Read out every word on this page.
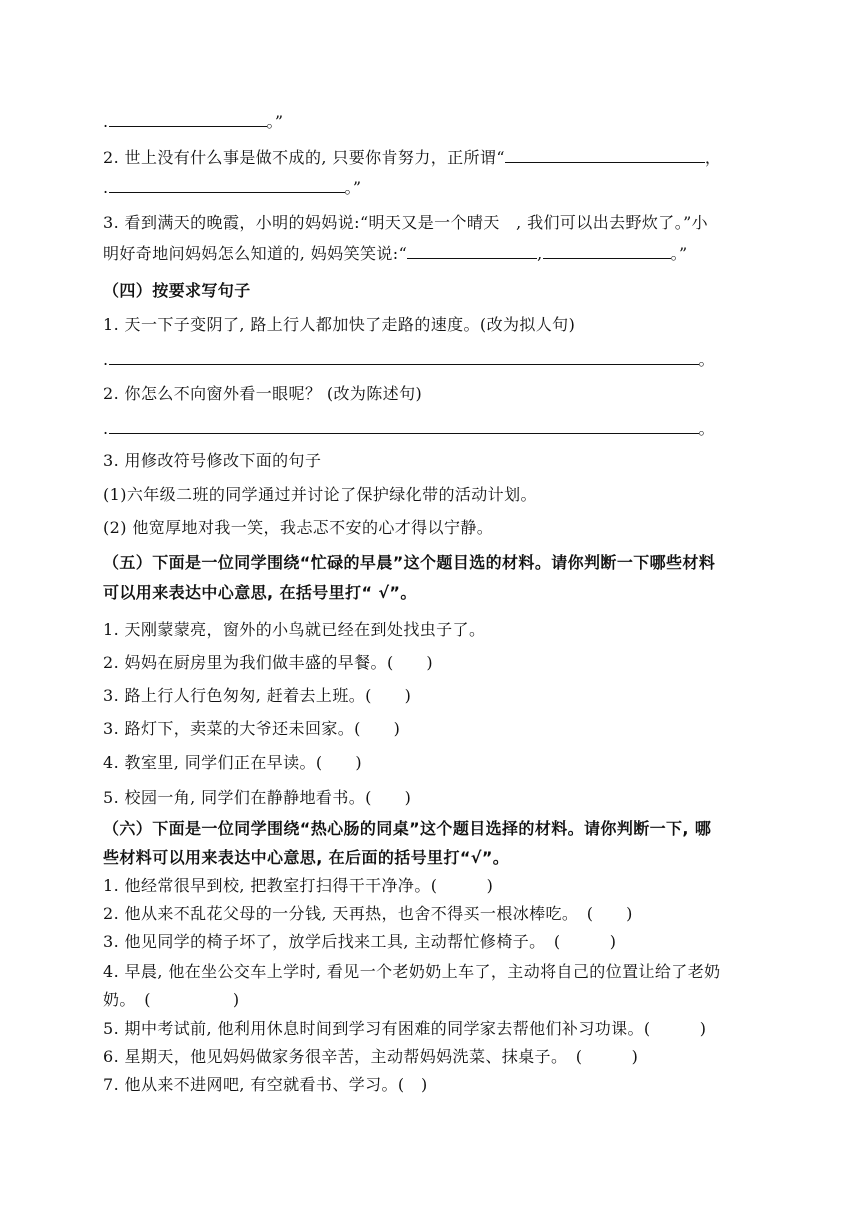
.	。”
2. 世上没有什么事是做不成的, 只要你肯努力，正所谓“	，
.	。”
3. 看到满天的晚霞，小明的妈妈说:“明天又是一个晴天　, 我们可以出去野炊了。”小
明好奇地问妈妈怎么知道的, 妈妈笑笑说:“	,	。”
（四）按要求写句子
1. 天一下子变阴了, 路上行人都加快了走路的速度。(改为拟人句)
.	。
2. 你怎么不向窗外看一眼呢？ (改为陈述句)
.	。
3. 用修改符号修改下面的句子
(1)六年级二班的同学通过并讨论了保护绿化带的活动计划。
(2) 他宽厚地对我一笑，我忐忑不安的心才得以宁静。
（五）下面是一位同学围绕“忙碌的早晨”这个题目选的材料。请你判断一下哪些材料
可以用来表达中心意思, 在括号里打“ √”。
1. 天刚蒙蒙亮，窗外的小鸟就已经在到处找虫子了。
2. 妈妈在厨房里为我们做丰盛的早餐。(　　)
3. 路上行人行色匆匆, 赶着去上班。(　　)
3. 路灯下，卖菜的大爷还未回家。(　　)
4. 教室里, 同学们正在早读。(　　)
5. 校园一角, 同学们在静静地看书。(　　)
（六）下面是一位同学围绕“热心肠的同桌”这个题目选择的材料。请你判断一下, 哪
些材料可以用来表达中心意思, 在后面的括号里打“√”。
1. 他经常很早到校, 把教室打扫得干干净净。(　　　)
2. 他从来不乱花父母的一分钱, 天再热，也舍不得买一根冰棒吃。　(　　)
3. 他见同学的椅子坏了，放学后找来工具, 主动帮忙修椅子。　(　　　)
4. 早晨, 他在坐公交车上学时, 看见一个老奶奶上车了，主动将自己的位置让给了老奶
奶。　(　　　　　)
5. 期中考试前, 他利用休息时间到学习有困难的同学家去帮他们补习功课。(　　　)
6. 星期天，他见妈妈做家务很辛苦，主动帮妈妈洗菜、抹桌子。　(　　　)
7. 他从来不进网吧, 有空就看书、学习。(　)
